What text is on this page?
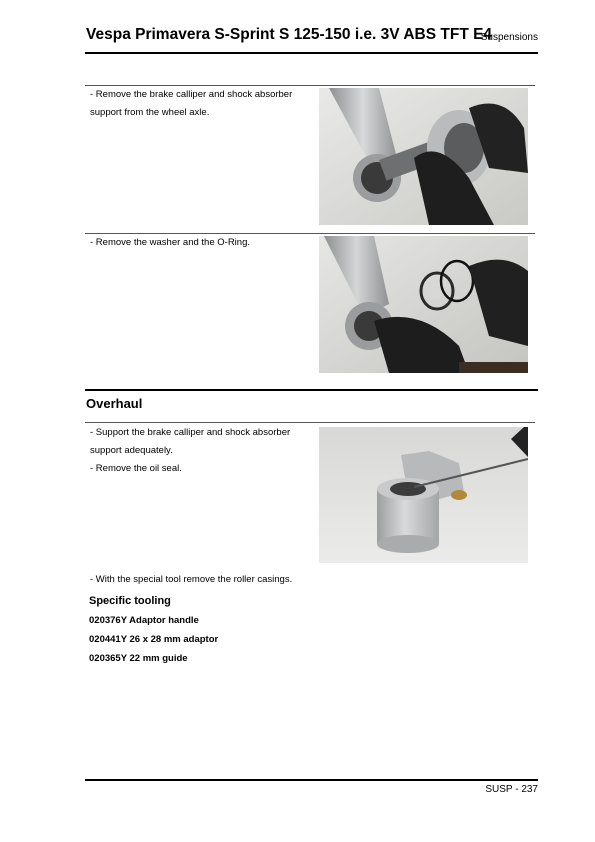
Vespa Primavera S-Sprint S 125-150 i.e. 3V ABS TFT E4
Suspensions
- Remove the brake calliper and shock absorber
support from the wheel axle.
- Remove the washer and the O-Ring.
Overhaul
- Support the brake calliper and shock absorber
support adequately.
- Remove the oil seal.
- With the special tool remove the roller casings.
Specific tooling
020376Y Adaptor handle
020441Y 26 x 28 mm adaptor
020365Y 22 mm guide
SUSP - 237
